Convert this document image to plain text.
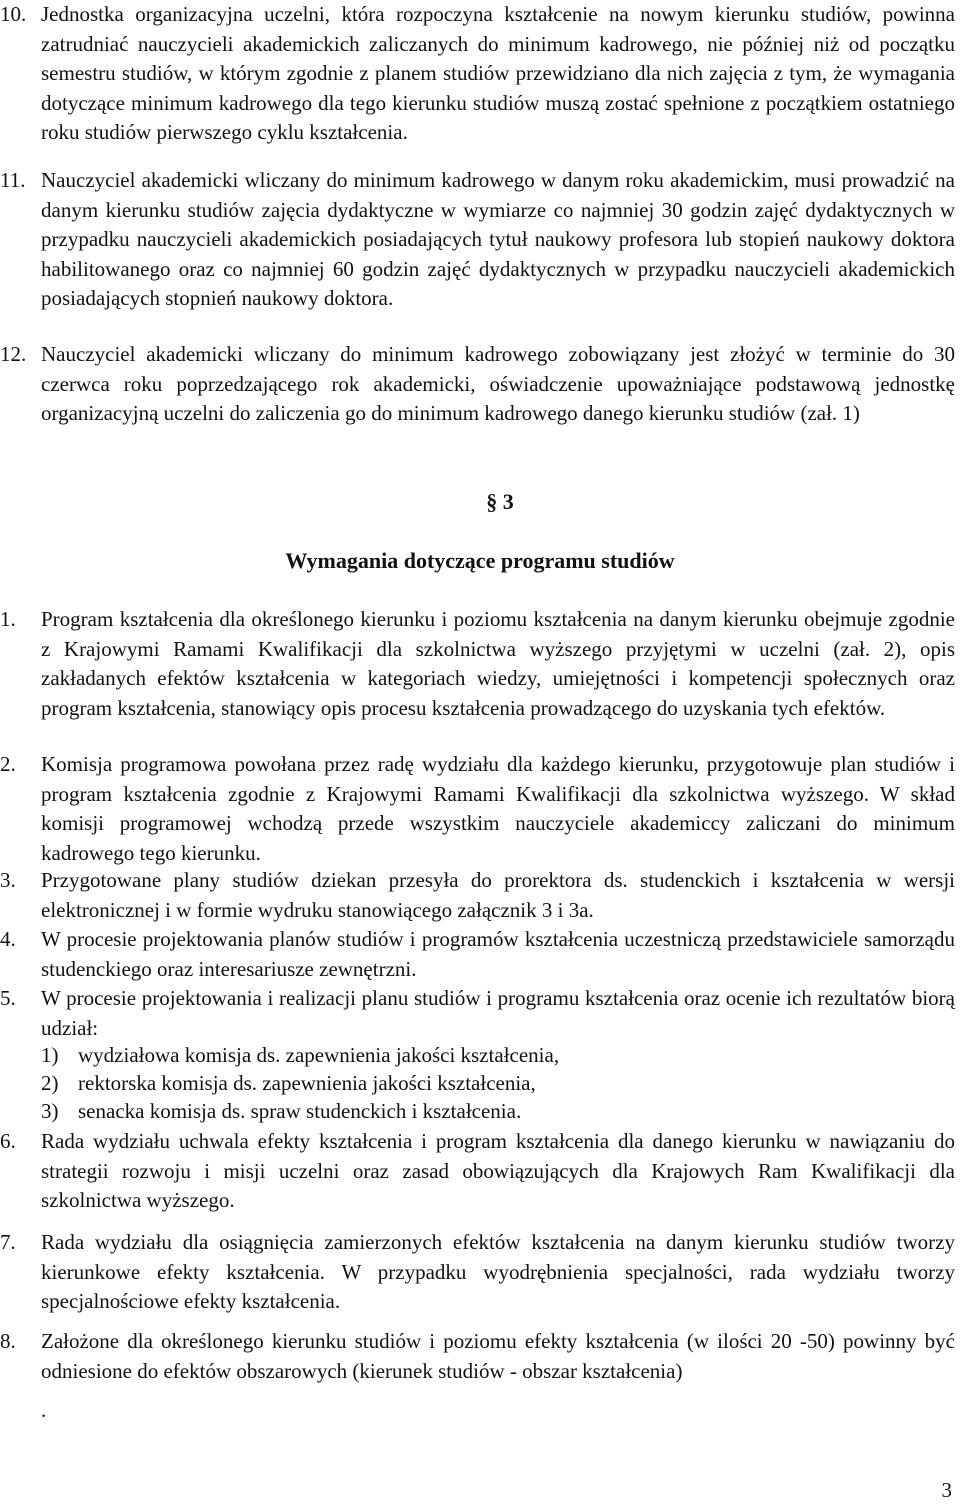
10. Jednostka organizacyjna uczelni, która rozpoczyna kształcenie na nowym kierunku studiów, powinna zatrudniać nauczycieli akademickich zaliczanych do minimum kadrowego, nie później niż od początku semestru studiów, w którym zgodnie z planem studiów przewidziano dla nich zajęcia z tym, że wymagania dotyczące minimum kadrowego dla tego kierunku studiów muszą zostać spełnione z początkiem ostatniego roku studiów pierwszego cyklu kształcenia.
11. Nauczyciel akademicki wliczany do minimum kadrowego w danym roku akademickim, musi prowadzić na danym kierunku studiów zajęcia dydaktyczne w wymiarze co najmniej 30 godzin zajęć dydaktycznych w przypadku nauczycieli akademickich posiadających tytuł naukowy profesora lub stopień naukowy doktora habilitowanego oraz co najmniej 60 godzin zajęć dydaktycznych w przypadku nauczycieli akademickich posiadających stopnień naukowy doktora.
12. Nauczyciel akademicki wliczany do minimum kadrowego zobowiązany jest złożyć w terminie do 30 czerwca roku poprzedzającego rok akademicki, oświadczenie upoważniające podstawową jednostkę organizacyjną uczelni do zaliczenia go do minimum kadrowego danego kierunku studiów (zał. 1)
§ 3
Wymagania dotyczące programu studiów
1.	Program kształcenia dla określonego kierunku i poziomu kształcenia na danym kierunku obejmuje zgodnie z Krajowymi Ramami Kwalifikacji dla szkolnictwa wyższego przyjętymi w uczelni (zał. 2), opis zakładanych efektów kształcenia w kategoriach wiedzy, umiejętności i kompetencji społecznych oraz program kształcenia, stanowiący opis procesu kształcenia prowadzącego do uzyskania tych efektów.
2.	Komisja programowa powołana przez radę wydziału dla każdego kierunku, przygotowuje plan studiów i program kształcenia zgodnie z Krajowymi Ramami Kwalifikacji dla szkolnictwa wyższego. W skład komisji programowej wchodzą przede wszystkim nauczyciele akademiccy zaliczani do minimum kadrowego tego kierunku.
3.	Przygotowane plany studiów dziekan przesyła do prorektora ds. studenckich i kształcenia w wersji elektronicznej i w formie wydruku stanowiącego załącznik 3 i 3a.
4.	W procesie projektowania planów studiów i programów kształcenia uczestniczą przedstawiciele samorządu studenckiego oraz interesariusze zewnętrzni.
5.	W procesie projektowania i realizacji planu studiów i programu kształcenia oraz ocenie ich rezultatów biorą udział:
1) wydziałowa komisja ds. zapewnienia jakości kształcenia,
2) rektorska komisja ds. zapewnienia jakości kształcenia,
3) senacka komisja ds. spraw studenckich i kształcenia.
6.	Rada wydziału uchwala efekty kształcenia i program kształcenia dla danego kierunku w nawiązaniu do strategii rozwoju i misji uczelni oraz zasad obowiązujących dla Krajowych Ram Kwalifikacji dla szkolnictwa wyższego.
7.	Rada wydziału dla osiągnięcia zamierzonych efektów kształcenia na danym kierunku studiów tworzy kierunkowe efekty kształcenia. W przypadku wyodrębnienia specjalności, rada wydziału tworzy specjalnościowe efekty kształcenia.
8.	Założone dla określonego kierunku studiów i poziomu efekty kształcenia (w ilości 20 -50) powinny być odniesione do efektów obszarowych (kierunek studiów - obszar kształcenia)
.
3
